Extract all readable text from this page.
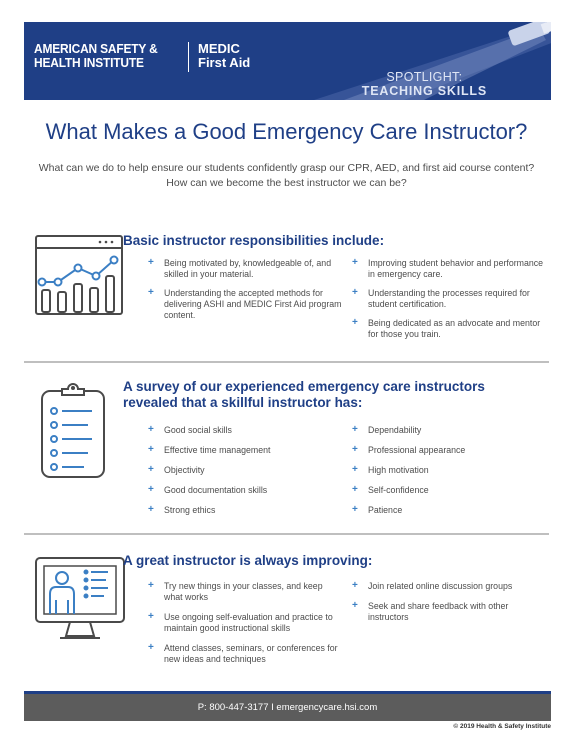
AMERICAN SAFETY &
HEALTH INSTITUTE
MEDIC
First Aid
SPOTLIGHT:
TEACHING SKILLS
What Makes a Good Emergency Care Instructor?
What can we do to help ensure our students confidently grasp our CPR, AED, and first aid course content?
How can we become the best instructor we can be?
Basic instructor responsibilities include:
+ Being motivated by, knowledgeable of, and skilled in your material.
+ Understanding the accepted methods for delivering ASHI and MEDIC First Aid program content.
+ Improving student behavior and performance in emergency care.
+ Understanding the processes required for student certification.
+ Being dedicated as an advocate and mentor for those you train.
A survey of our experienced emergency care instructors
revealed that a skillful instructor has:
+ Good social skills
+ Effective time management
+ Objectivity
+ Good documentation skills
+ Strong ethics
+ Dependability
+ Professional appearance
+ High motivation
+ Self-confidence
+ Patience
A great instructor is always improving:
+ Try new things in your classes, and keep what works
+ Use ongoing self-evaluation and practice to maintain good instructional skills
+ Attend classes, seminars, or conferences for new ideas and techniques
+ Join related online discussion groups
+ Seek and share feedback with other instructors
P: 800-447-3177 I emergencycare.hsi.com
© 2019 Health & Safety Institute
